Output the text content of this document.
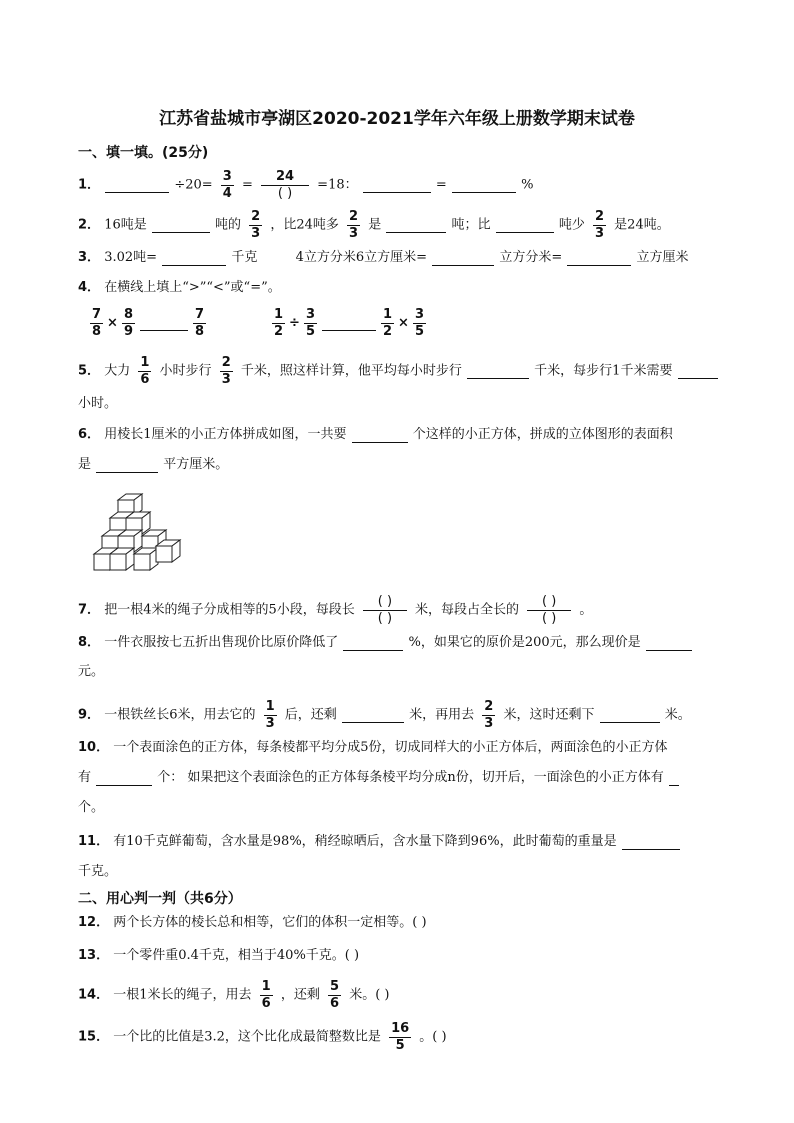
江苏省盐城市亭湖区2020-2021学年六年级上册数学期末试卷
一、填一填。(25分)
1．	$\div 20= \frac{3}{4} = \frac{24}{( )} =18$：	=	%
2． 16吨是	吨的 $\frac{2}{3}$ ，比24吨多 $\frac{2}{3}$ 是	吨；比	吨少 $\frac{2}{3}$ 是24吨。
3． 3.02吨=	千克	4立方分米6立方厘米=	立方分米=	立方厘米
4． 在横线上填上“>”“<”或“=”。
$\frac{7}{8} \times \frac{8}{9}$	$\frac{7}{8}$	$\frac{1}{2} \div \frac{3}{5}$	$\frac{1}{2} \times \frac{3}{5}$
5． 大力 $\frac{1}{6}$ 小时步行 $\frac{2}{3}$ 千米，照这样计算，他平均每小时步行	千米，每步行1千米需要
小时。
6． 用棱长1厘米的小正方体拼成如图，一共要	个这样的小正方体，拼成的立体图形的表面积
是	平方厘米。
7． 把一根4米的绳子分成相等的5小段，每段长 $\frac{( )}{( )}$ 米，每段占全长的 $\frac{( )}{( )}$ 。
8． 一件衣服按七五折出售现价比原价降低了	%，如果它的原价是200元，那么现价是
元。
9． 一根铁丝长6米，用去它的 $\frac{1}{3}$ 后，还剩	米，再用去 $\frac{2}{3}$ 米，这时还剩下	米。
10． 一个表面涂色的正方体，每条棱都平均分成5份，切成同样大的小正方体后，两面涂色的小正方体
有	个： 如果把这个表面涂色的正方体每条棱平均分成n份，切开后，一面涂色的小正方体有
个。
11． 有10千克鲜葡萄，含水量是98%，稍经晾晒后，含水量下降到96%，此时葡萄的重量是
千克。
二、用心判一判（共6分）
12． 两个长方体的棱长总和相等，它们的体积一定相等。( )
13． 一个零件重0.4千克，相当于40%千克。( )
14． 一根1米长的绳子，用去 $\frac{1}{6}$ ，还剩 $\frac{5}{6}$ 米。( )
15． 一个比的比值是3.2，这个比化成最简整数比是 $\frac{16}{5}$ 。( )
